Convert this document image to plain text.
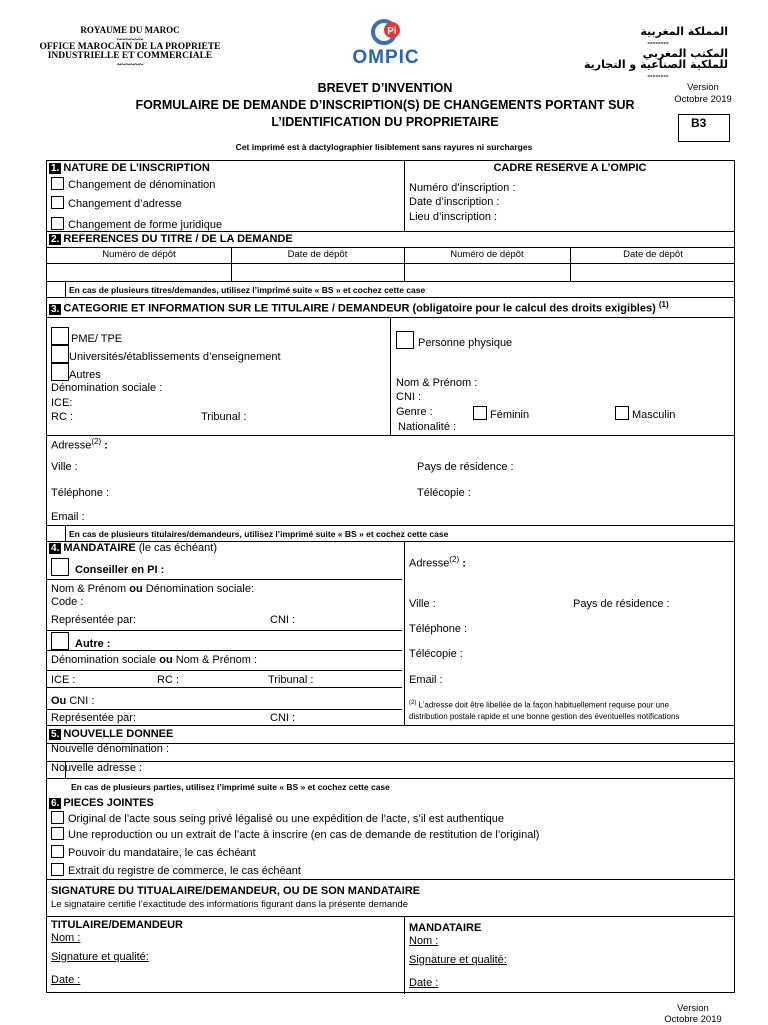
ROYAUME DU MAROC
~~~~~~
OFFICE MAROCAIN DE LA PROPRIETE
INDUSTRIELLE ET COMMERCIALE
~~~~~~
Pi
OMPIC
المملكة المغربية
--------
المكتب المغربي
للملكية الصناعية و التجارية
--------
BREVET D’INVENTION
FORMULAIRE DE DEMANDE D’INSCRIPTION(S) DE CHANGEMENTS PORTANT SUR
L’IDENTIFICATION DU PROPRIETAIRE
Version
Octobre 2019
B3
Cet imprimé est à dactylographier lisiblement sans rayures ni surcharges
1. NATURE DE L’INSCRIPTION
Changement de dénomination
Changement d’adresse
Changement de forme juridique
CADRE RESERVE A L’OMPIC
Numéro d’inscription :
Date d’inscription :
Lieu d’inscription :
2. REFERENCES DU TITRE / DE LA DEMANDE
Numéro de dépôt	Date de dépôt	Numéro de dépôt	Date de dépôt
En cas de plusieurs titres/demandes, utilisez l’imprimé suite « BS » et cochez cette case
3. CATEGORIE ET INFORMATION SUR LE TITULAIRE / DEMANDEUR (obligatoire pour le calcul des droits exigibles) $^{(1)}$
PME/ TPE
Universités/établissements d’enseignement
Autres
Dénomination sociale :
ICE:
RC :	Tribunal :
Personne physique
Nom & Prénom :
CNI :
Genre :	Féminin	Masculin
Nationalité :
Adresse$^{(2)}$ :
Ville :	Pays de résidence :
Téléphone :	Télécopie :
Email :
En cas de plusieurs titulaires/demandeurs, utilisez l’imprimé suite « BS » et cochez cette case
4. MANDATAIRE (le cas échéant)
Conseiller en PI :
Nom & Prénom ou Dénomination sociale:
Code :
Représentée par:	CNI :
Autre :
Dénomination sociale ou Nom & Prénom :
ICE :	RC :	Tribunal :
Ou CNI :
Représentée par:	CNI :
Adresse$^{(2)}$ :
Ville :	Pays de résidence :
Téléphone :
Télécopie :
Email :
$^{(2)}$ L’adresse doit être libellée de la façon habituellement requise pour une
distribution postale rapide et une bonne gestion des éventuelles notifications
5. NOUVELLE DONNEE
Nouvelle dénomination :
Nouvelle adresse :
En cas de plusieurs parties, utilisez l’imprimé suite « BS » et cochez cette case
6. PIECES JOINTES
Original de l’acte sous seing privé légalisé ou une expédition de l’acte, s’il est authentique
Une reproduction ou un extrait de l’acte à inscrire (en cas de demande de restitution de l’original)
Pouvoir du mandataire, le cas échéant
Extrait du registre de commerce, le cas échéant
SIGNATURE DU TITUALAIRE/DEMANDEUR, OU DE SON MANDATAIRE
Le signataire certifie l’exactitude des informations figurant dans la présente demande
TITULAIRE/DEMANDEUR
Nom :
Signature et qualité:
Date :
MANDATAIRE
Nom :
Signature et qualité:
Date :
Version
Octobre 2019
